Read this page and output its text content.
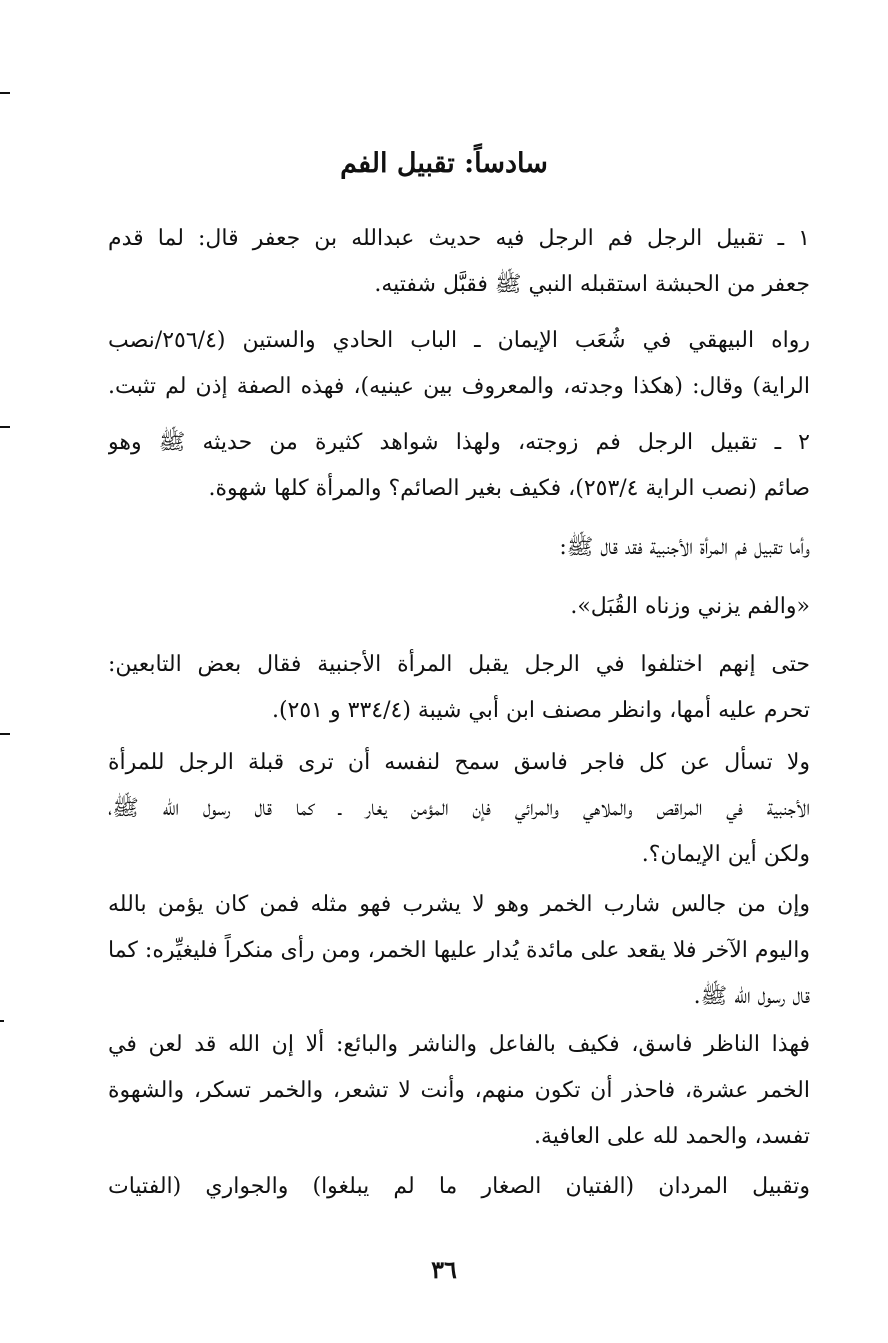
سادساً: تقبيل الفم
١ ـ تقبيل الرجل فم الرجل فيه حديث عبدالله بن جعفر قال: لما قدم
جعفر من الحبشة استقبله النبي ﷺ فقبَّل شفتيه.
رواه البيهقي في شُعَب الإيمان ـ الباب الحادي والستين (٢٥٦/٤/نصب
الراية) وقال: (هكذا وجدته، والمعروف بين عينيه)، فهذه الصفة إذن لم تثبت.
٢ ـ تقبيل الرجل فم زوجته، ولهذا شواهد كثيرة من حديثه ﷺ وهو
صائم (نصب الراية ٢٥٣/٤)، فكيف بغير الصائم؟ والمرأة كلها شهوة.
وأما تقبيل فم المرأة الأجنبية فقد قال ﷺ:
«والفم يزني وزناه القُبَل».
حتى إنهم اختلفوا في الرجل يقبل المرأة الأجنبية فقال بعض التابعين:
تحرم عليه أمها، وانظر مصنف ابن أبي شيبة (٣٣٤/٤ و ٢٥١).
ولا تسأل عن كل فاجر فاسق سمح لنفسه أن ترى قبلة الرجل للمرأة
الأجنبية في المراقص والملاهي والمرائي فإن المؤمن يغار ـ كما قال رسول الله ﷺ،
ولكن أين الإيمان؟.
وإن من جالس شارب الخمر وهو لا يشرب فهو مثله فمن كان يؤمن بالله
واليوم الآخر فلا يقعد على مائدة يُدار عليها الخمر، ومن رأى منكراً فليغيِّره: كما
قال رسول الله ﷺ.
فهذا الناظر فاسق، فكيف بالفاعل والناشر والبائع: ألا إن الله قد لعن في
الخمر عشرة، فاحذر أن تكون منهم، وأنت لا تشعر، والخمر تسكر، والشهوة
تفسد، والحمد لله على العافية.
وتقبيل المردان (الفتيان الصغار ما لم يبلغوا) والجواري (الفتيات
٣٦
